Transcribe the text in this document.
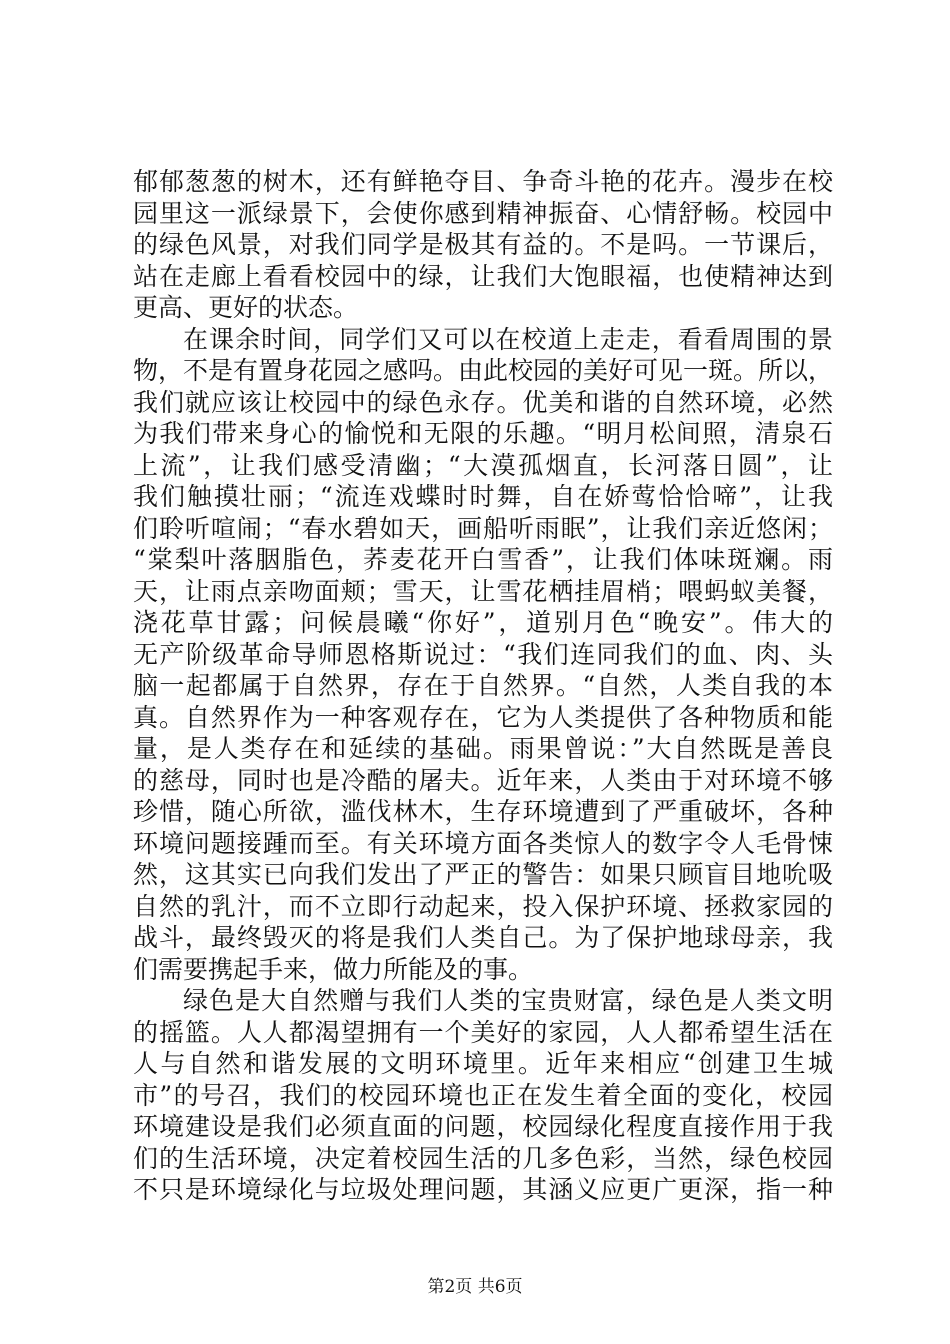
郁郁葱葱的树木，还有鲜艳夺目、争奇斗艳的花卉。漫步在校
园里这一派绿景下，会使你感到精神振奋、心情舒畅。校园中
的绿色风景，对我们同学是极其有益的。不是吗。一节课后，
站在走廊上看看校园中的绿，让我们大饱眼福，也使精神达到
更高、更好的状态。
在课余时间，同学们又可以在校道上走走，看看周围的景
物，不是有置身花园之感吗。由此校园的美好可见一斑。所以，
我们就应该让校园中的绿色永存。优美和谐的自然环境，必然
为我们带来身心的愉悦和无限的乐趣。“明月松间照，清泉石
上流”，让我们感受清幽；“大漠孤烟直，长河落日圆”，让
我们触摸壮丽；“流连戏蝶时时舞，自在娇莺恰恰啼”，让我
们聆听喧闹；“春水碧如天，画船听雨眠”，让我们亲近悠闲；
“棠梨叶落胭脂色，荞麦花开白雪香”，让我们体味斑斓。雨
天，让雨点亲吻面颊；雪天，让雪花栖挂眉梢；喂蚂蚁美餐，
浇花草甘露；问候晨曦“你好”，道别月色“晚安”。伟大的
无产阶级革命导师恩格斯说过：“我们连同我们的血、肉、头
脑一起都属于自然界，存在于自然界。“自然，人类自我的本
真。自然界作为一种客观存在，它为人类提供了各种物质和能
量，是人类存在和延续的基础。雨果曾说：”大自然既是善良
的慈母，同时也是冷酷的屠夫。近年来，人类由于对环境不够
珍惜，随心所欲，滥伐林木，生存环境遭到了严重破坏，各种
环境问题接踵而至。有关环境方面各类惊人的数字令人毛骨悚
然，这其实已向我们发出了严正的警告：如果只顾盲目地吮吸
自然的乳汁，而不立即行动起来，投入保护环境、拯救家园的
战斗，最终毁灭的将是我们人类自己。为了保护地球母亲，我
们需要携起手来，做力所能及的事。
绿色是大自然赠与我们人类的宝贵财富，绿色是人类文明
的摇篮。人人都渴望拥有一个美好的家园，人人都希望生活在
人与自然和谐发展的文明环境里。近年来相应“创建卫生城
市”的号召，我们的校园环境也正在发生着全面的变化，校园
环境建设是我们必须直面的问题，校园绿化程度直接作用于我
们的生活环境，决定着校园生活的几多色彩，当然，绿色校园
不只是环境绿化与垃圾处理问题，其涵义应更广更深，指一种
第2页 共6页
